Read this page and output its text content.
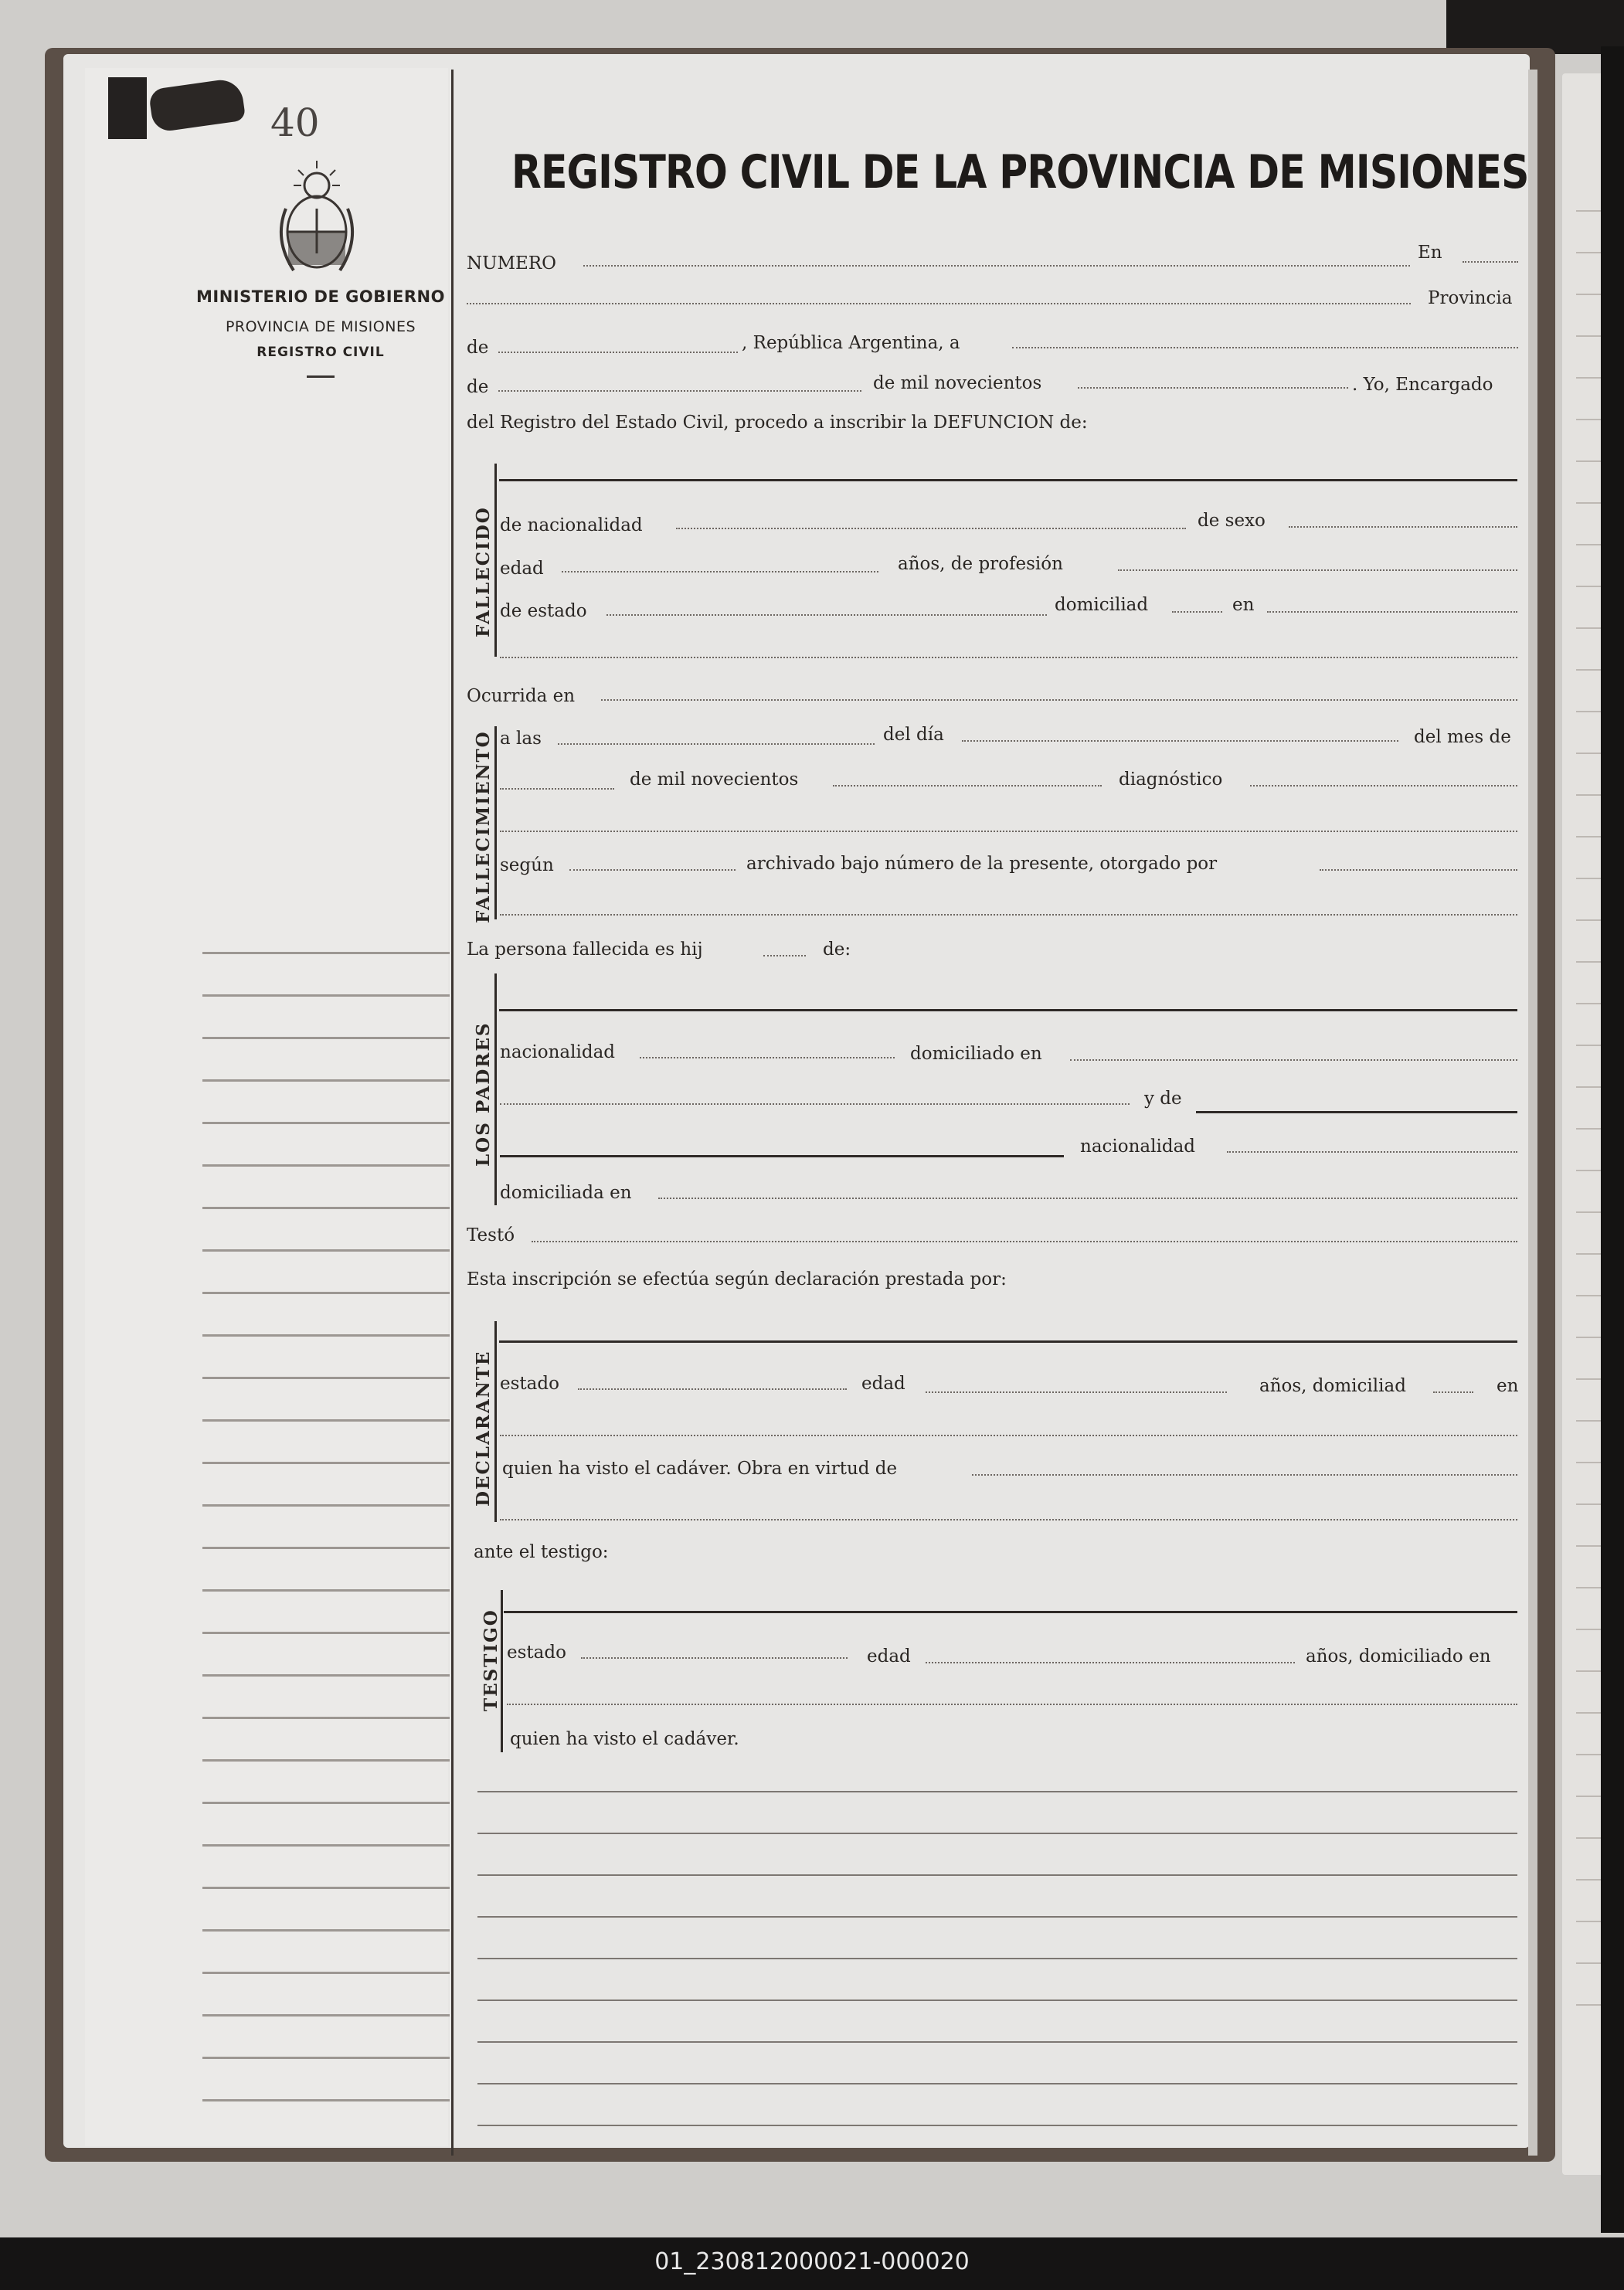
40
MINISTERIO DE GOBIERNO
PROVINCIA DE MISIONES
REGISTRO CIVIL
REGISTRO CIVIL DE LA PROVINCIA DE MISIONES
NUMERO
En
Provincia
de	, República Argentina, a
de	de mil novecientos	. Yo, Encargado
del Registro del Estado Civil, procedo a inscribir la DEFUNCION de:
FALLECIDO de nacionalidad	de sexo
edad	años, de profesión
de estado	domiciliad	en
Ocurrida en
FALLECIMIENTO a las	del día	del mes de
de mil novecientos	diagnóstico
según	archivado bajo número de la presente, otorgado por
La persona fallecida es hij	de:
LOS PADRES nacionalidad	domiciliado en
y de
nacionalidad
domiciliada en
Testó
Esta inscripción se efectúa según declaración prestada por:
DECLARANTE estado	edad	años, domiciliad	en
quien ha visto el cadáver. Obra en virtud de
ante el testigo:
TESTIGO estado	edad	años, domiciliado en
quien ha visto el cadáver.
01_230812000021-000020
